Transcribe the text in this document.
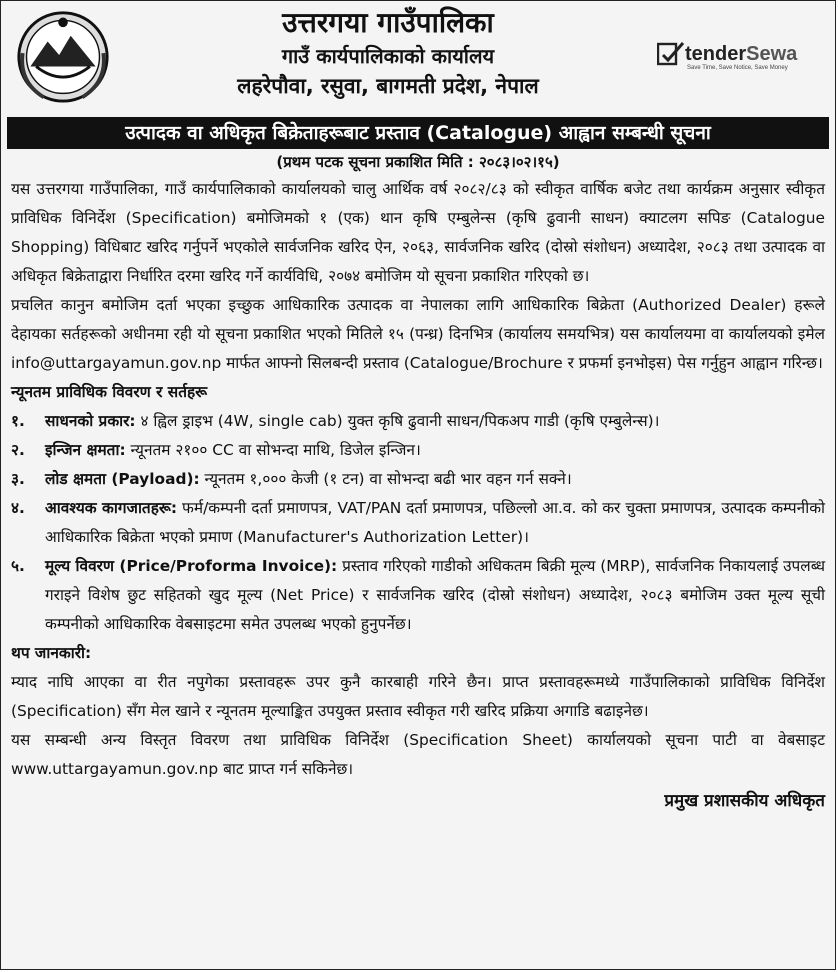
उत्तरगया गाउँपालिका
गाउँ कार्यपालिकाको कार्यालय
लहरेपौवा, रसुवा, बागमती प्रदेश, नेपाल
tenderSewa
Save Time, Save Notice, Save Money
उत्पादक वा अधिकृत बिक्रेताहरूबाट प्रस्ताव (Catalogue) आह्वान सम्बन्धी सूचना
(प्रथम पटक सूचना प्रकाशित मिति : २०८३।०२।१५)

यस उत्तरगया गाउँपालिका, गाउँ कार्यपालिकाको कार्यालयको चालु आर्थिक वर्ष २०८२/८३ को स्वीकृत वार्षिक बजेट तथा कार्यक्रम अनुसार स्वीकृत प्राविधिक विनिर्देश (Specification) बमोजिमको १ (एक) थान कृषि एम्बुलेन्स (कृषि ढुवानी साधन) क्याटलग सपिङ (Catalogue Shopping) विधिबाट खरिद गर्नुपर्ने भएकोले सार्वजनिक खरिद ऐन, २०६३, सार्वजनिक खरिद (दोस्रो संशोधन) अध्यादेश, २०८३ तथा उत्पादक वा अधिकृत बिक्रेताद्वारा निर्धारित दरमा खरिद गर्ने कार्यविधि, २०७४ बमोजिम यो सूचना प्रकाशित गरिएको छ।

प्रचलित कानुन बमोजिम दर्ता भएका इच्छुक आधिकारिक उत्पादक वा नेपालका लागि आधिकारिक बिक्रेता (Authorized Dealer) हरूले देहायका सर्तहरूको अधीनमा रही यो सूचना प्रकाशित भएको मितिले १५ (पन्ध्र) दिनभित्र (कार्यालय समयभित्र) यस कार्यालयमा वा कार्यालयको इमेल info@uttargayamun.gov.np मार्फत आफ्नो सिलबन्दी प्रस्ताव (Catalogue/Brochure र प्रफर्मा इनभोइस) पेस गर्नुहुन आह्वान गरिन्छ।

न्यूनतम प्राविधिक विवरण र सर्तहरू
१.	साधनको प्रकार: ४ ह्विल ड्राइभ (4W, single cab) युक्त कृषि ढुवानी साधन/पिकअप गाडी (कृषि एम्बुलेन्स)।
२.	इन्जिन क्षमता: न्यूनतम २१०० CC वा सोभन्दा माथि, डिजेल इन्जिन।
३.	लोड क्षमता (Payload): न्यूनतम १,००० केजी (१ टन) वा सोभन्दा बढी भार वहन गर्न सक्ने।
४.	आवश्यक कागजातहरू: फर्म/कम्पनी दर्ता प्रमाणपत्र, VAT/PAN दर्ता प्रमाणपत्र, पछिल्लो आ.व. को कर चुक्ता प्रमाणपत्र, उत्पादक कम्पनीको आधिकारिक बिक्रेता भएको प्रमाण (Manufacturer's Authorization Letter)।
५.	मूल्य विवरण (Price/Proforma Invoice): प्रस्ताव गरिएको गाडीको अधिकतम बिक्री मूल्य (MRP), सार्वजनिक निकायलाई उपलब्ध गराइने विशेष छुट सहितको खुद मूल्य (Net Price) र सार्वजनिक खरिद (दोस्रो संशोधन) अध्यादेश, २०८३ बमोजिम उक्त मूल्य सूची कम्पनीको आधिकारिक वेबसाइटमा समेत उपलब्ध भएको हुनुपर्नेछ।
थप जानकारी:

म्याद नाघि आएका वा रीत नपुगेका प्रस्तावहरू उपर कुनै कारबाही गरिने छैन। प्राप्त प्रस्तावहरूमध्ये गाउँपालिकाको प्राविधिक विनिर्देश (Specification) सँग मेल खाने र न्यूनतम मूल्याङ्कित उपयुक्त प्रस्ताव स्वीकृत गरी खरिद प्रक्रिया अगाडि बढाइनेछ।

यस सम्बन्धी अन्य विस्तृत विवरण तथा प्राविधिक विनिर्देश (Specification Sheet) कार्यालयको सूचना पाटी वा वेबसाइट www.uttargayamun.gov.np बाट प्राप्त गर्न सकिनेछ।

प्रमुख प्रशासकीय अधिकृत
